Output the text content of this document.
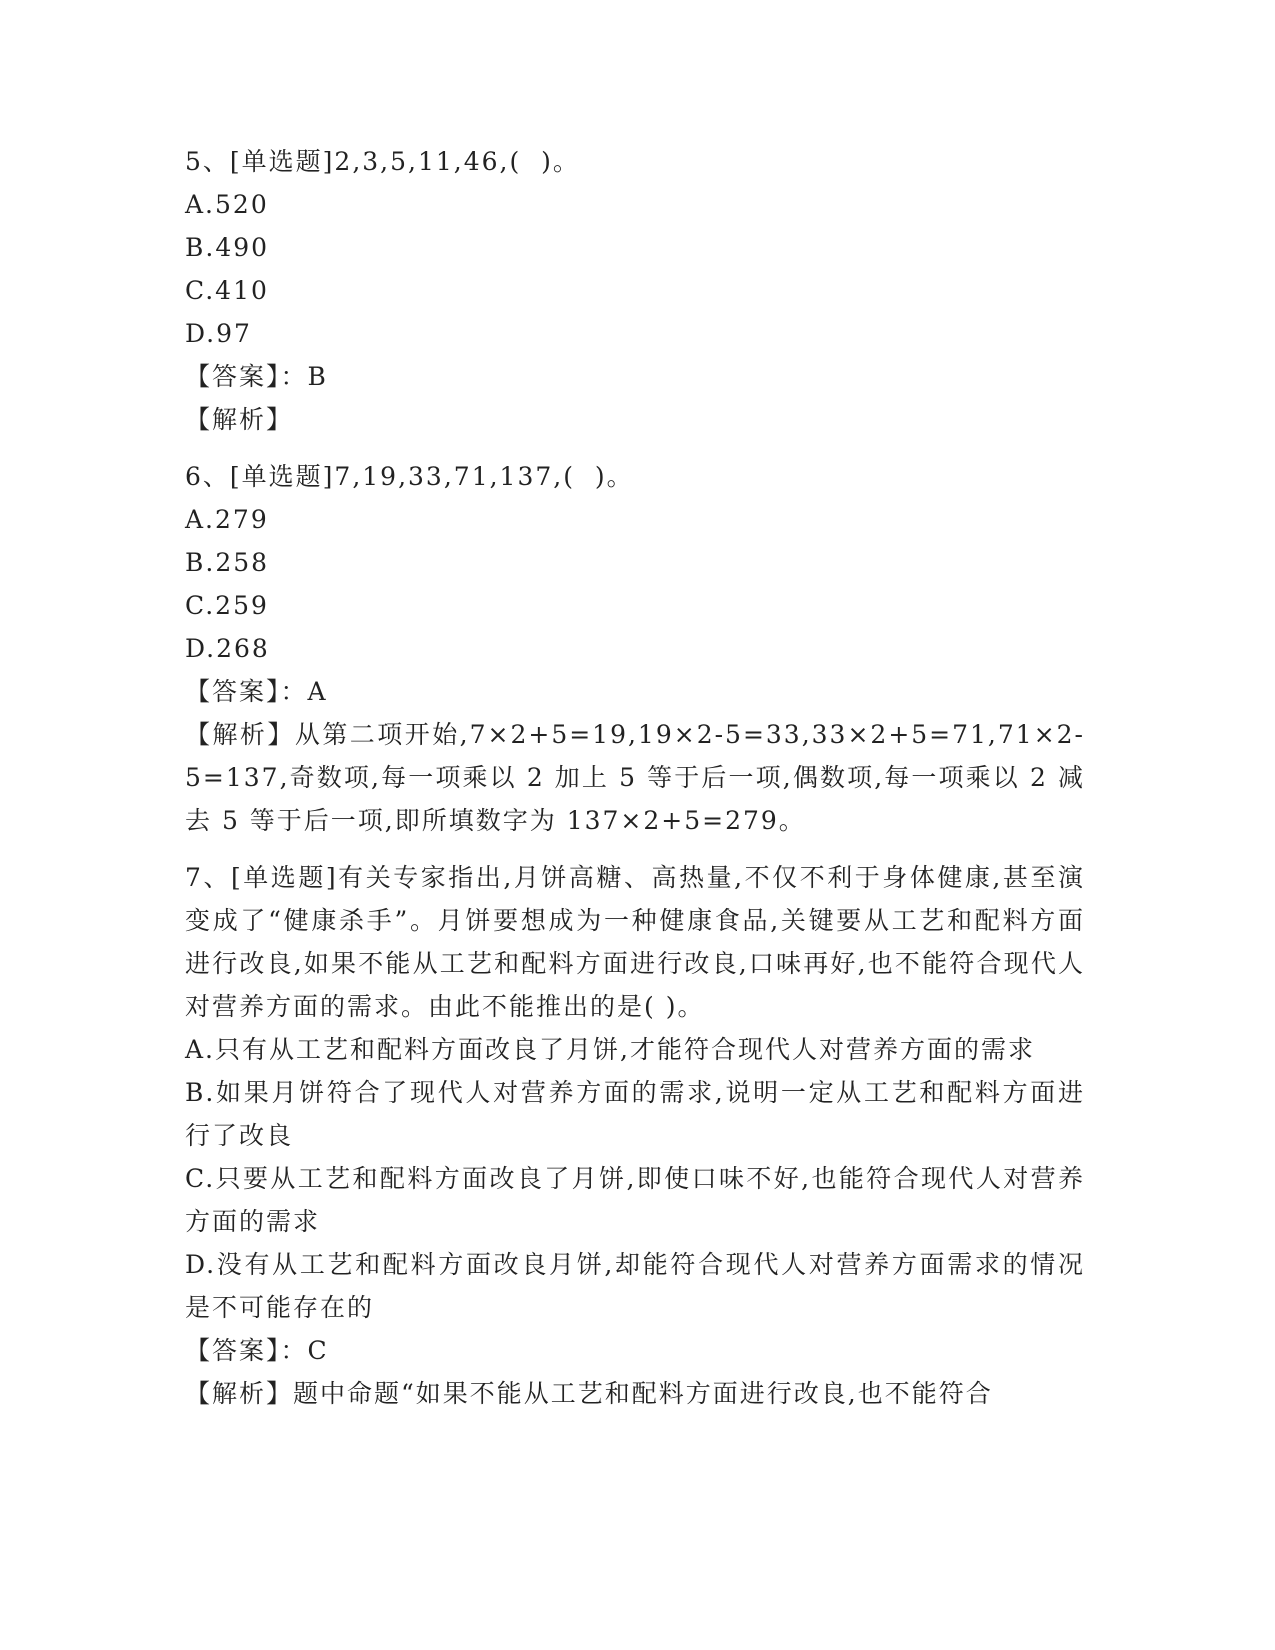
5、[单选题]2,3,5,11,46,(  )。

A.520

B.490

C.410

D.97

【答案】：B

【解析】

6、[单选题]7,19,33,71,137,(  )。

A.279

B.258

C.259

D.268

【答案】：A

【解析】从第二项开始,7×2+5=19,19×2-5=33,33×2+5=71,71×2-5=137,奇数项,每一项乘以 2 加上 5 等于后一项,偶数项,每一项乘以 2 减去 5 等于后一项,即所填数字为 137×2+5=279。

7、[单选题]有关专家指出,月饼高糖、高热量,不仅不利于身体健康,甚至演变成了“健康杀手”。月饼要想成为一种健康食品,关键要从工艺和配料方面进行改良,如果不能从工艺和配料方面进行改良,口味再好,也不能符合现代人对营养方面的需求。由此不能推出的是( )。

A.只有从工艺和配料方面改良了月饼,才能符合现代人对营养方面的需求

B.如果月饼符合了现代人对营养方面的需求,说明一定从工艺和配料方面进行了改良

C.只要从工艺和配料方面改良了月饼,即使口味不好,也能符合现代人对营养方面的需求

D.没有从工艺和配料方面改良月饼,却能符合现代人对营养方面需求的情况是不可能存在的

【答案】：C

【解析】题中命题“如果不能从工艺和配料方面进行改良,也不能符合
